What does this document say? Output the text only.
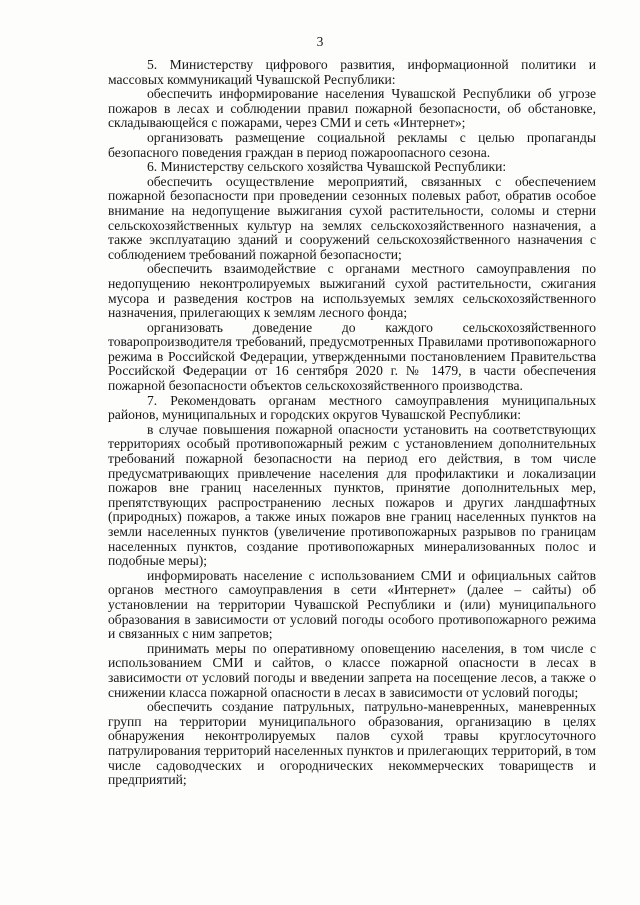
3

5. Министерству цифрового развития, информационной политики и массовых коммуникаций Чувашской Республики:

обеспечить информирование населения Чувашской Республики об угрозе пожаров в лесах и соблюдении правил пожарной безопасности, об обстановке, складывающейся с пожарами, через СМИ и сеть «Интернет»;

организовать размещение социальной рекламы с целью пропаганды безопасного поведения граждан в период пожароопасного сезона.

6. Министерству сельского хозяйства Чувашской Республики:

обеспечить осуществление мероприятий, связанных с обеспечением пожарной безопасности при проведении сезонных полевых работ, обратив особое внимание на недопущение выжигания сухой растительности, соломы и стерни сельскохозяйственных культур на землях сельскохозяйственного назначения, а также эксплуатацию зданий и сооружений сельскохозяйственного назначения с соблюдением требований пожарной безопасности;

обеспечить взаимодействие с органами местного самоуправления по недопущению неконтролируемых выжиганий сухой растительности, сжигания мусора и разведения костров на используемых землях сельскохозяйственного назначения, прилегающих к землям лесного фонда;

организовать доведение до каждого сельскохозяйственного товаропроизводителя требований, предусмотренных Правилами противопожарного режима в Российской Федерации, утвержденными постановлением Правительства Российской Федерации от 16 сентября 2020 г. № 1479, в части обеспечения пожарной безопасности объектов сельскохозяйственного производства.

7. Рекомендовать органам местного самоуправления муниципальных районов, муниципальных и городских округов Чувашской Республики:

в случае повышения пожарной опасности установить на соответствующих территориях особый противопожарный режим с установлением дополнительных требований пожарной безопасности на период его действия, в том числе предусматривающих привлечение населения для профилактики и локализации пожаров вне границ населенных пунктов, принятие дополнительных мер, препятствующих распространению лесных пожаров и других ландшафтных (природных) пожаров, а также иных пожаров вне границ населенных пунктов на земли населенных пунктов (увеличение противопожарных разрывов по границам населенных пунктов, создание противопожарных минерализованных полос и подобные меры);

информировать население с использованием СМИ и официальных сайтов органов местного самоуправления в сети «Интернет» (далее – сайты) об установлении на территории Чувашской Республики и (или) муниципального образования в зависимости от условий погоды особого противопожарного режима и связанных с ним запретов;

принимать меры по оперативному оповещению населения, в том числе с использованием СМИ и сайтов, о классе пожарной опасности в лесах в зависимости от условий погоды и введении запрета на посещение лесов, а также о снижении класса пожарной опасности в лесах в зависимости от условий погоды;

обеспечить создание патрульных, патрульно-маневренных, маневренных групп на территории муниципального образования, организацию в целях обнаружения неконтролируемых палов сухой травы круглосуточного патрулирования территорий населенных пунктов и прилегающих территорий, в том числе садоводческих и огороднических некоммерческих товариществ и предприятий;
